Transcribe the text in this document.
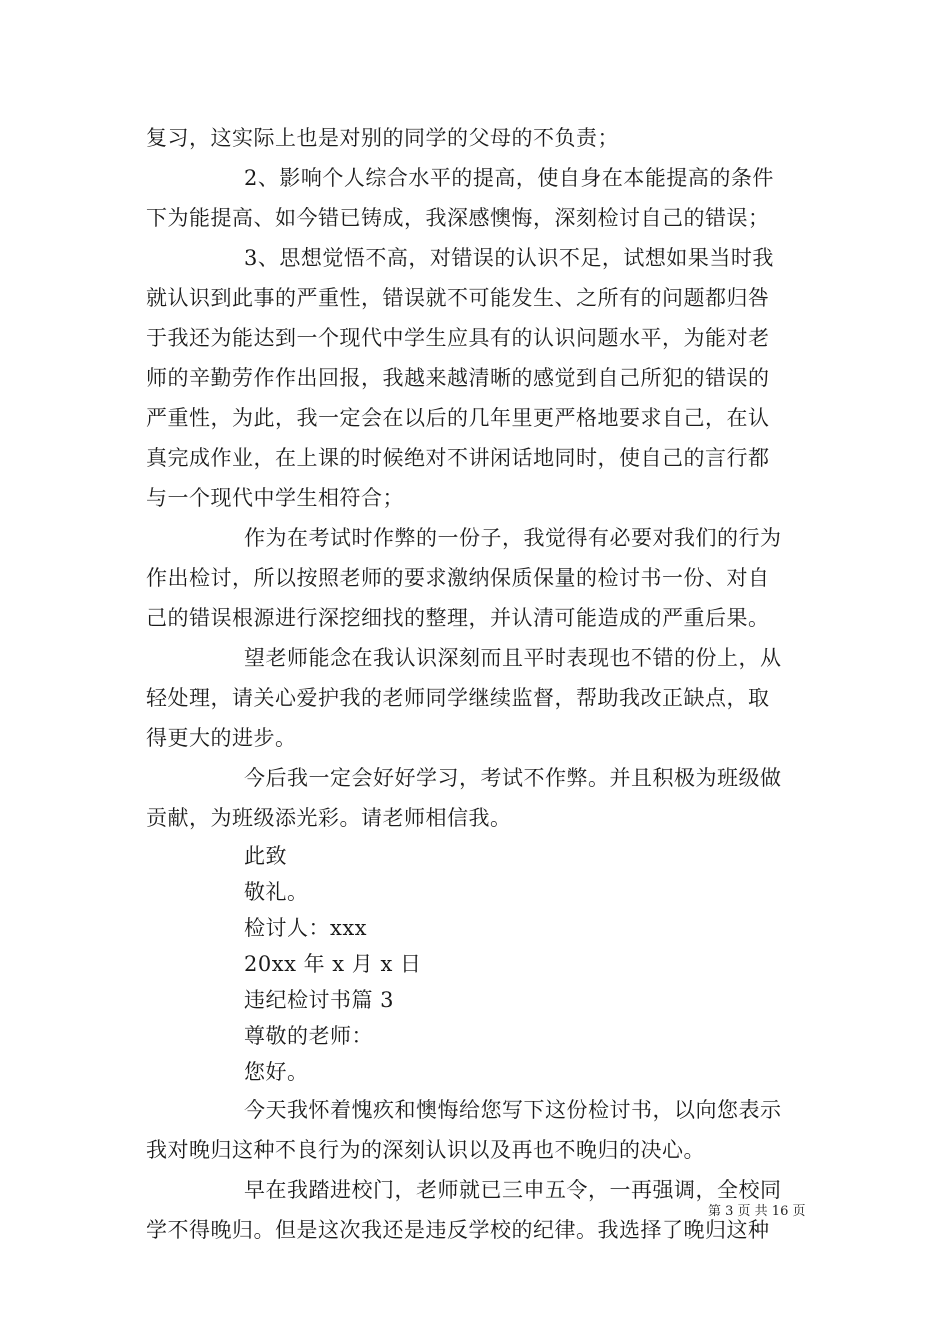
复习，这实际上也是对别的同学的父母的不负责；
2、影响个人综合水平的提高，使自身在本能提高的条件
下为能提高、如今错已铸成，我深感懊悔，深刻检讨自己的错误；
3、思想觉悟不高，对错误的认识不足，试想如果当时我
就认识到此事的严重性，错误就不可能发生、之所有的问题都归咎
于我还为能达到一个现代中学生应具有的认识问题水平，为能对老
师的辛勤劳作作出回报，我越来越清晰的感觉到自己所犯的错误的
严重性，为此，我一定会在以后的几年里更严格地要求自己，在认
真完成作业，在上课的时候绝对不讲闲话地同时，使自己的言行都
与一个现代中学生相符合；
作为在考试时作弊的一份子，我觉得有必要对我们的行为
作出检讨，所以按照老师的要求激纳保质保量的检讨书一份、对自
己的错误根源进行深挖细找的整理，并认清可能造成的严重后果。
望老师能念在我认识深刻而且平时表现也不错的份上，从
轻处理，请关心爱护我的老师同学继续监督，帮助我改正缺点，取
得更大的进步。
今后我一定会好好学习，考试不作弊。并且积极为班级做
贡献，为班级添光彩。请老师相信我。
此致
敬礼。
检讨人：xxx
20xx 年 x 月 x 日
违纪检讨书篇 3
尊敬的老师：
您好。
今天我怀着愧疚和懊悔给您写下这份检讨书，以向您表示
我对晚归这种不良行为的深刻认识以及再也不晚归的决心。
早在我踏进校门，老师就已三申五令，一再强调，全校同
学不得晚归。但是这次我还是违反学校的纪律。我选择了晚归这种
第 3 页 共 16 页
